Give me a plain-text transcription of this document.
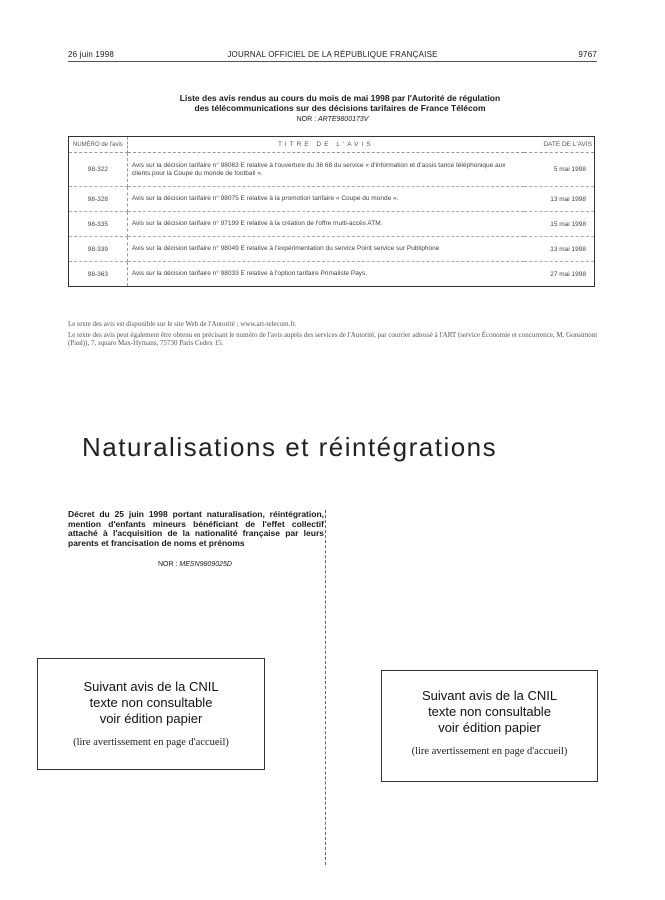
26 juin 1998	JOURNAL OFFICIEL DE LA RÉPUBLIQUE FRANÇAISE	9767
Liste des avis rendus au cours du mois de mai 1998 par l'Autorité de régulation
des télécommunications sur des décisions tarifaires de France Télécom
NOR : ARTE9800173V
NUMÉRO de l'avis	TITRE DE L'AVIS	DATE DE L'AVIS
98-322	Avis sur la décision tarifaire n° 98063 E relative à l'ouverture du 36 68 du service « d'information et d'assis tance téléphonique aux clients pour la Coupe du monde de football ».	5 mai 1998
98-328	Avis sur la décision tarifaire n° 98075 E relative à la promotion tarifaire « Coupe du monde ».	13 mai 1998
98-335	Avis sur la décision tarifaire n° 97199 E relative à la création de l'offre multi-accès ATM.	15 mai 1998
98-339	Avis sur la décision tarifaire n° 98049 E relative à l'expérimentation du service Point service sur Publiphone	13 mai 1998
98-363	Avis sur la décision tarifaire n° 98033 E relative à l'option tarifaire Primaliste Pays.	27 mai 1998
Le texte des avis est disponible sur le site Web de l'Autorité : www.art-telecom.fr.
Le texte des avis peut également être obtenu en précisant le numéro de l'avis auprès des services de l'Autorité, par courrier adressé à l'ART (service Économie et concurrence, M. Gonsimont (Paul)), 7, square Max-Hymans, 75730 Paris Cedex 15.
Naturalisations et réintégrations
Décret du 25 juin 1998 portant naturalisation, réintégration, mention d'enfants mineurs bénéficiant de l'effet collectif attaché à l'acquisition de la nationalité française par leurs parents et francisation de noms et prénoms
NOR : MESN9809025D
Suivant avis de la CNIL
texte non consultable
voir édition papier
(lire avertissement en page d'accueil)
Suivant avis de la CNIL
texte non consultable
voir édition papier
(lire avertissement en page d'accueil)
